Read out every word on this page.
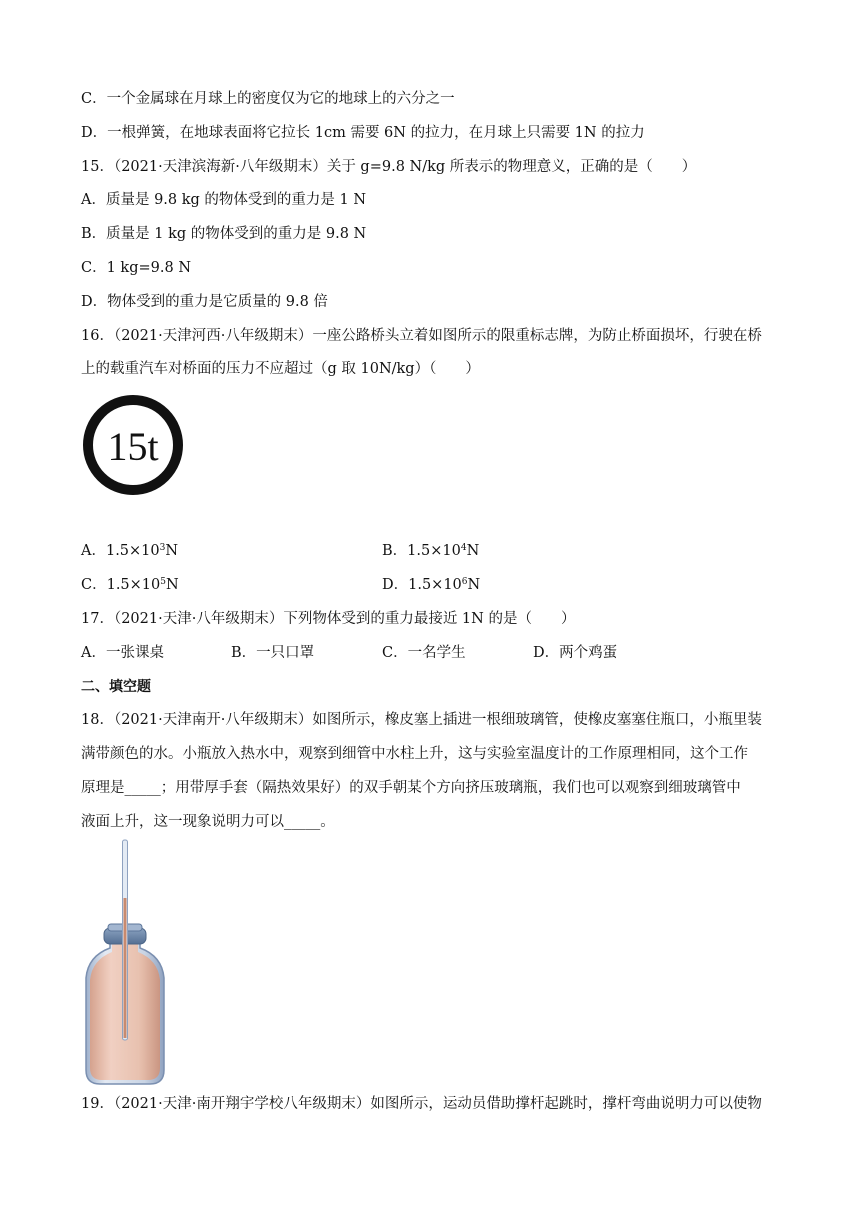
C．一个金属球在月球上的密度仅为它的地球上的六分之一
D．一根弹簧，在地球表面将它拉长 1cm 需要 6N 的拉力，在月球上只需要 1N 的拉力
15．（2021·天津滨海新·八年级期末）关于 g=9.8 N/kg 所表示的物理意义，正确的是（　　）
A．质量是 9.8 kg 的物体受到的重力是 1 N
B．质量是 1 kg 的物体受到的重力是 9.8 N
C．1 kg=9.8 N
D．物体受到的重力是它质量的 9.8 倍
16．（2021·天津河西·八年级期末）一座公路桥头立着如图所示的限重标志牌，为防止桥面损坏，行驶在桥
上的载重汽车对桥面的压力不应超过（g 取 10N/kg）（　　）
15t
A．$1.5\times 10^3N$	B．$1.5\times 10^4N$
C．$1.5\times 10^5N$	D．$1.5\times 10^6N$
17．（2021·天津·八年级期末）下列物体受到的重力最接近 1N 的是（　　）
A．一张课桌	B．一只口罩	C．一名学生	D．两个鸡蛋
二、填空题
18．（2021·天津南开·八年级期末）如图所示，橡皮塞上插进一根细玻璃管，使橡皮塞塞住瓶口，小瓶里装
满带颜色的水。小瓶放入热水中，观察到细管中水柱上升，这与实验室温度计的工作原理相同，这个工作
原理是_____；用带厚手套（隔热效果好）的双手朝某个方向挤压玻璃瓶，我们也可以观察到细玻璃管中
液面上升，这一现象说明力可以_____。
19．（2021·天津·南开翔宇学校八年级期末）如图所示，运动员借助撑杆起跳时，撑杆弯曲说明力可以使物
